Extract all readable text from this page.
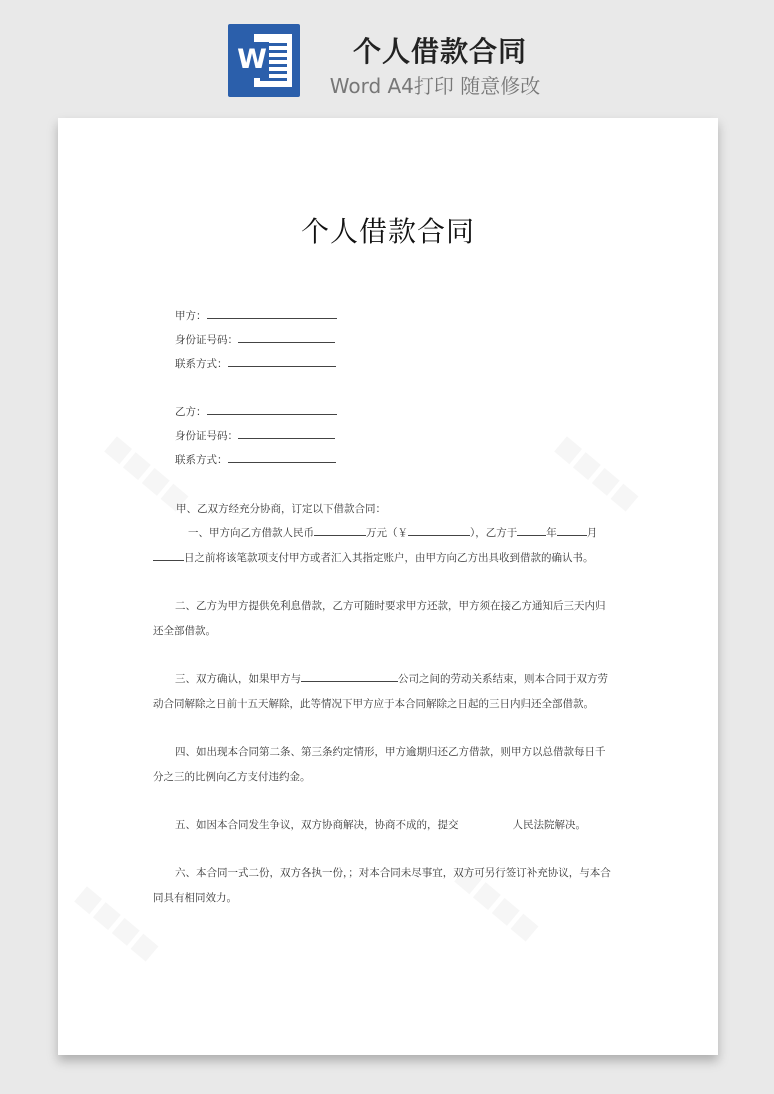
W	个人借款合同
Word A4打印 随意修改
个人借款合同
甲方：
身份证号码：
联系方式：
乙方：
身份证号码：
联系方式：
甲、乙双方经充分协商，订定以下借款合同：
一、甲方向乙方借款人民币	万元（￥	），乙方于	年	月
日之前将该笔款项支付甲方或者汇入其指定账户，由甲方向乙方出具收到借款的确认书。
二、乙方为甲方提供免利息借款，乙方可随时要求甲方还款，甲方须在接乙方通知后三天内归
还全部借款。
三、双方确认，如果甲方与	公司之间的劳动关系结束，则本合同于双方劳
动合同解除之日前十五天解除，此等情况下甲方应于本合同解除之日起的三日内归还全部借款。
四、如出现本合同第二条、第三条约定情形，甲方逾期归还乙方借款，则甲方以总借款每日千
分之三的比例向乙方支付违约金。
五、如因本合同发生争议，双方协商解决，协商不成的，提交	人民法院解决。
六、本合同一式二份，双方各执一份，；对本合同未尽事宜，双方可另行签订补充协议，与本合
同具有相同效力。
